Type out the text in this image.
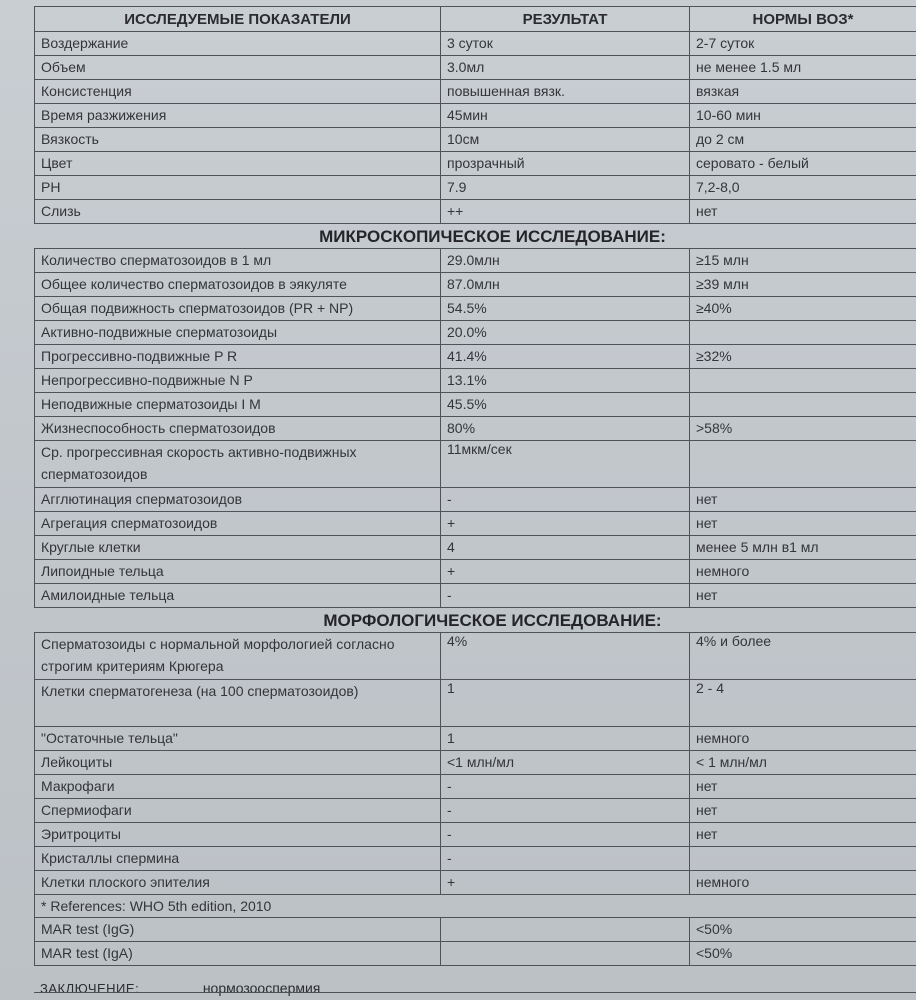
ИССЛЕДУЕМЫЕ ПОКАЗАТЕЛИ	РЕЗУЛЬТАТ	НОРМЫ ВОЗ*
Воздержание	3 суток	2-7 суток
Объем	3.0мл	не менее 1.5 мл
Консистенция	повышенная вязк.	вязкая
Время разжижения	45мин	10-60 мин
Вязкость	10см	до 2 см
Цвет	прозрачный	серовато - белый
PH	7.9	7,2-8,0
Слизь	++	нет
МИКРОСКОПИЧЕСКОЕ ИССЛЕДОВАНИЕ:		
Количество сперматозоидов в 1 мл	29.0млн	≥15 млн
Общее количество сперматозоидов в эякуляте	87.0млн	≥39 млн
Общая подвижность сперматозоидов (PR + NP)	54.5%	≥40%
Активно-подвижные сперматозоиды	20.0%	
Прогрессивно-подвижные P R	41.4%	≥32%
Непрогрессивно-подвижные N P	13.1%	
Неподвижные сперматозоиды I M	45.5%	
Жизнеспособность сперматозоидов	80%	>58%
Ср. прогрессивная скорость активно-подвижных сперматозоидов	11мкм/сек	
Агглютинация сперматозоидов	-	нет
Агрегация сперматозоидов	+	нет
Круглые клетки	4	менее 5 млн в1 мл
Липоидные тельца	+	немного
Амилоидные тельца	-	нет
МОРФОЛОГИЧЕСКОЕ ИССЛЕДОВАНИЕ:		
Сперматозоиды с нормальной морфологией согласно строгим критериям Крюгера	4%	4% и более
Клетки сперматогенеза (на 100 сперматозоидов)	1	2 - 4
"Остаточные тельца"	1	немного
Лейкоциты	<1 млн/мл	< 1 млн/мл
Макрофаги	-	нет
Спермиофаги	-	нет
Эритроциты	-	нет
Кристаллы спермина	-	
Клетки плоского эпителия	+	немного
* References: WHO 5th edition, 2010		
MAR test (IgG)		<50%
MAR test (IgA)		<50%
ЗАКЛЮЧЕНИЕ:	нормозооспермия
